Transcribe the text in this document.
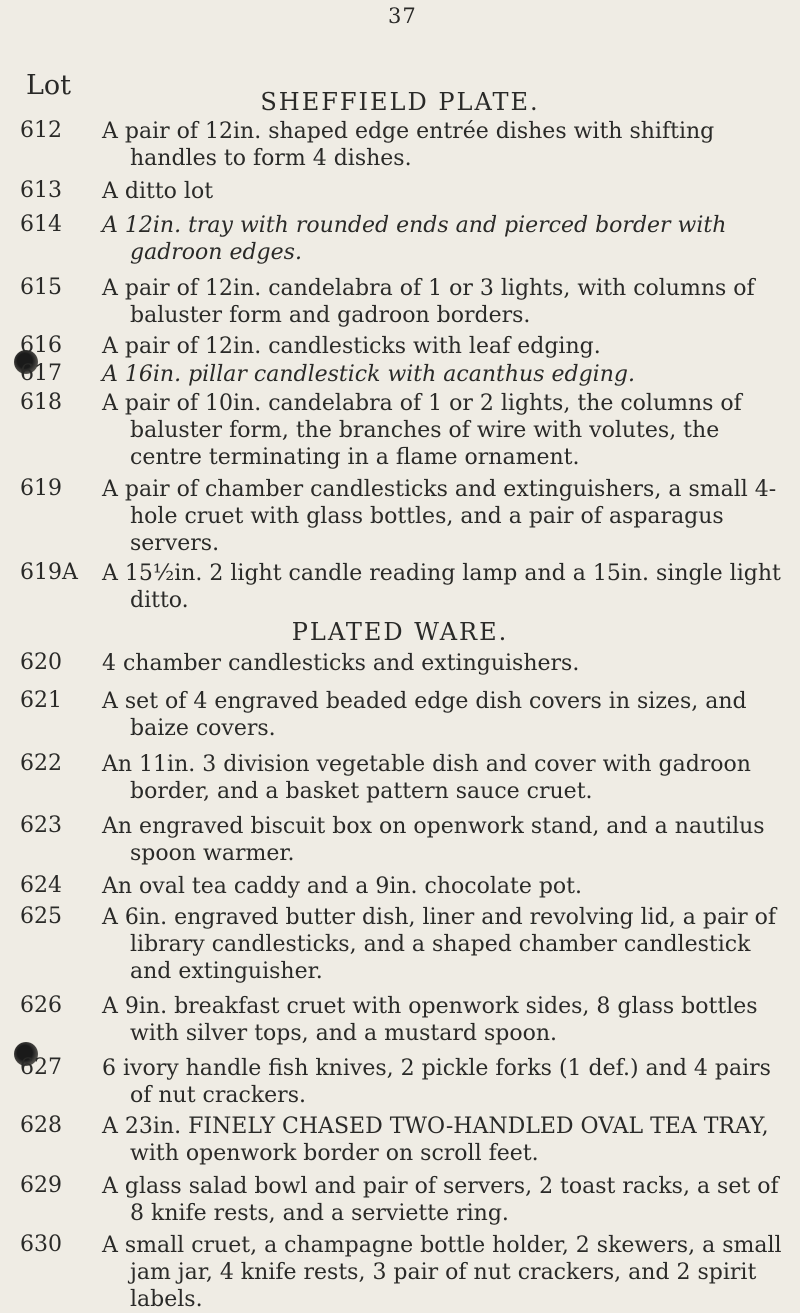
37
Lot
SHEFFIELD PLATE.
612	A pair of 12in. shaped edge entrée dishes with shifting handles to form 4 dishes.
613	A ditto lot
614	A 12in. tray with rounded ends and pierced border with gadroon edges.
615	A pair of 12in. candelabra of 1 or 3 lights, with columns of baluster form and gadroon borders.
616	A pair of 12in. candlesticks with leaf edging.
617	A 16in. pillar candlestick with acanthus edging.
618	A pair of 10in. candelabra of 1 or 2 lights, the columns of baluster form, the branches of wire with volutes, the centre terminating in a flame ornament.
619	A pair of chamber candlesticks and extinguishers, a small 4-hole cruet with glass bottles, and a pair of asparagus servers.
619A	A 15½in. 2 light candle reading lamp and a 15in. single light ditto.
PLATED WARE.
620	4 chamber candlesticks and extinguishers.
621	A set of 4 engraved beaded edge dish covers in sizes, and baize covers.
622	An 11in. 3 division vegetable dish and cover with gadroon border, and a basket pattern sauce cruet.
623	An engraved biscuit box on openwork stand, and a nautilus spoon warmer.
624	An oval tea caddy and a 9in. chocolate pot.
625	A 6in. engraved butter dish, liner and revolving lid, a pair of library candlesticks, and a shaped chamber candlestick and extinguisher.
626	A 9in. breakfast cruet with openwork sides, 8 glass bottles with silver tops, and a mustard spoon.
627	6 ivory handle fish knives, 2 pickle forks (1 def.) and 4 pairs of nut crackers.
628	A 23in. FINELY CHASED TWO-HANDLED OVAL TEA TRAY, with openwork border on scroll feet.
629	A glass salad bowl and pair of servers, 2 toast racks, a set of 8 knife rests, and a serviette ring.
630	A small cruet, a champagne bottle holder, 2 skewers, a small jam jar, 4 knife rests, 3 pair of nut crackers, and 2 spirit labels.
